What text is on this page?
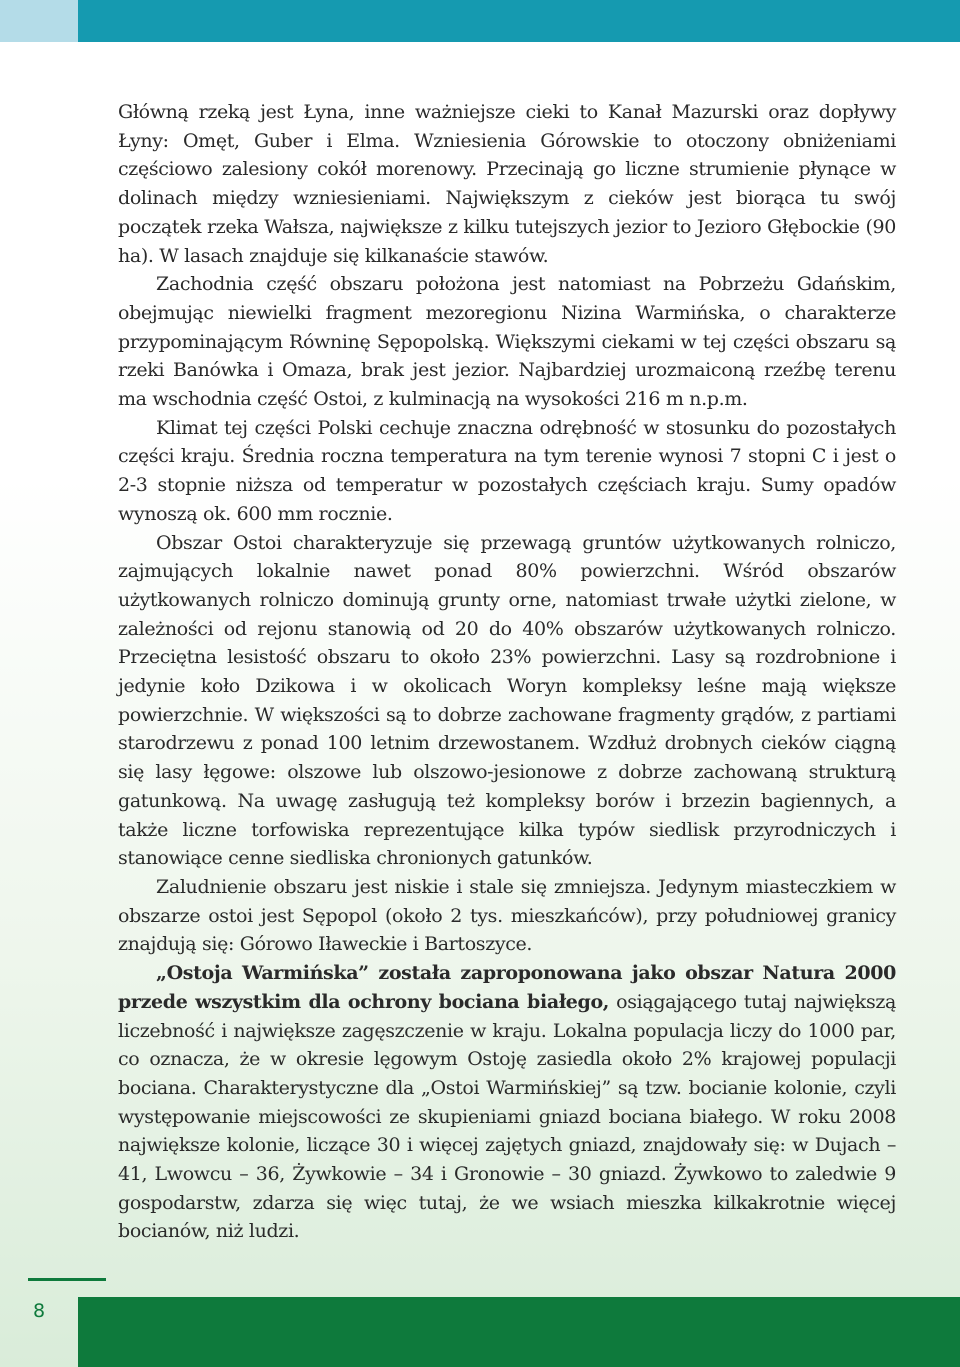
Główną rzeką jest Łyna, inne ważniejsze cieki to Kanał Mazurski oraz dopływy Łyny: Omęt, Guber i Elma. Wzniesienia Górowskie to otoczony obniżeniami częściowo zalesiony cokół morenowy. Przecinają go liczne strumienie płynące w dolinach między wzniesieniami. Największym z cieków jest biorąca tu swój początek rzeka Wałsza, największe z kilku tutejszych jezior to Jezioro Głębockie (90 ha). W lasach znajduje się kilkanaście stawów.

Zachodnia część obszaru położona jest natomiast na Pobrzeżu Gdańskim, obejmując niewielki fragment mezoregionu Nizina Warmińska, o charakterze przypominającym Równinę Sępopolską. Większymi ciekami w tej części obszaru są rzeki Banówka i Omaza, brak jest jezior. Najbardziej urozmaiconą rzeźbę terenu ma wschodnia część Ostoi, z kulminacją na wysokości 216 m n.p.m.

Klimat tej części Polski cechuje znaczna odrębność w stosunku do pozostałych części kraju. Średnia roczna temperatura na tym terenie wynosi 7 stopni C i jest o 2-3 stopnie niższa od temperatur w pozostałych częściach kraju. Sumy opadów wynoszą ok. 600 mm rocznie.

Obszar Ostoi charakteryzuje się przewagą gruntów użytkowanych rolniczo, zajmujących lokalnie nawet ponad 80% powierzchni. Wśród obszarów użytkowanych rolniczo dominują grunty orne, natomiast trwałe użytki zielone, w zależności od rejonu stanowią od 20 do 40% obszarów użytkowanych rolniczo. Przeciętna lesistość obszaru to około 23% powierzchni. Lasy są rozdrobnione i jedynie koło Dzikowa i w okolicach Woryn kompleksy leśne mają większe powierzchnie. W większości są to dobrze zachowane fragmenty grądów, z partiami starodrzewu z ponad 100 letnim drzewostanem. Wzdłuż drobnych cieków ciągną się lasy łęgowe: olszowe lub olszowo-jesionowe z dobrze zachowaną strukturą gatunkową. Na uwagę zasługują też kompleksy borów i brzezin bagiennych, a także liczne torfowiska reprezentujące kilka typów siedlisk przyrodniczych i stanowiące cenne siedliska chronionych gatunków.

Zaludnienie obszaru jest niskie i stale się zmniejsza. Jedynym miasteczkiem w obszarze ostoi jest Sępopol (około 2 tys. mieszkańców), przy południowej granicy znajdują się: Górowo Iławeckie i Bartoszyce.

„Ostoja Warmińska” została zaproponowana jako obszar Natura 2000 przede wszystkim dla ochrony bociana białego, osiągającego tutaj największą liczebność i największe zagęszczenie w kraju. Lokalna populacja liczy do 1000 par, co oznacza, że w okresie lęgowym Ostoję zasiedla około 2% krajowej populacji bociana. Charakterystyczne dla „Ostoi Warmińskiej” są tzw. bocianie kolonie, czyli występowanie miejscowości ze skupieniami gniazd bociana białego. W roku 2008 największe kolonie, liczące 30 i więcej zajętych gniazd, znajdowały się: w Dujach – 41, Lwowcu – 36, Żywkowie – 34 i Gronowie – 30 gniazd. Żywkowo to zaledwie 9 gospodarstw, zdarza się więc tutaj, że we wsiach mieszka kilkakrotnie więcej bocianów, niż ludzi.

8
